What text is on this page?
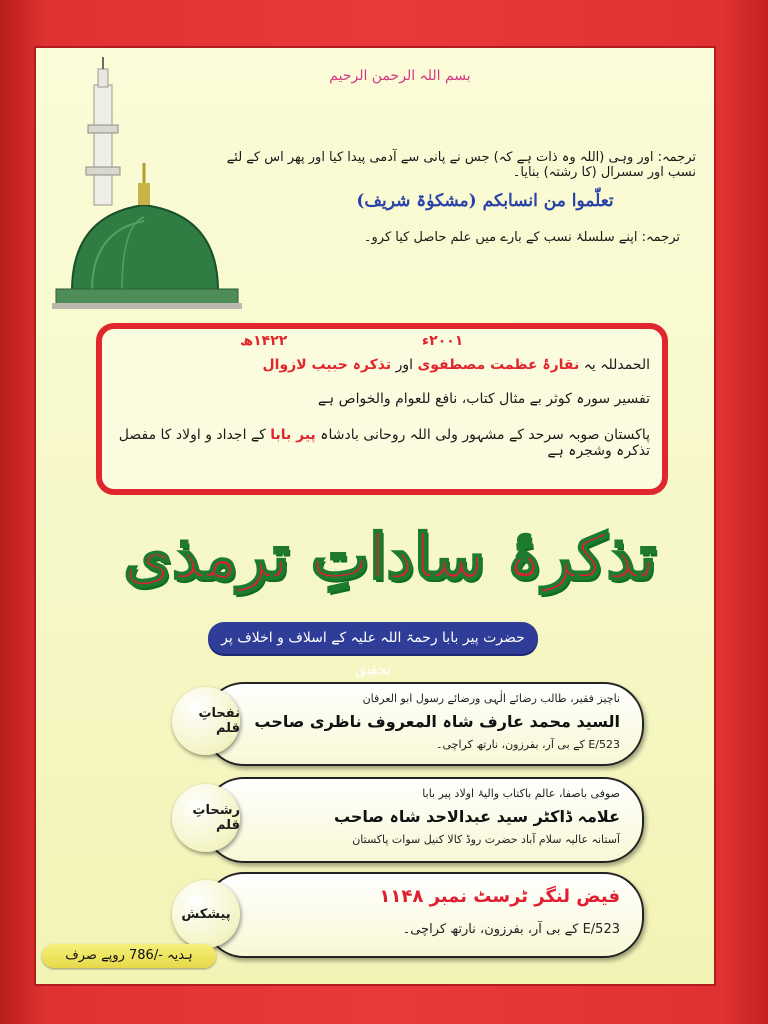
بسم اللہ الرحمن الرحیم
ترجمہ: اور وہی (اللہ وہ ذات ہے کہ) جس نے پانی سے آدمی پیدا کیا اور پھر اس کے لئے نسب اور سسرال (کا رشتہ) بنایا۔
تعلّموا من انسابکم (مشکوٰۃ شریف)
ترجمہ: اپنے سلسلۂ نسب کے بارے میں علم حاصل کیا کرو۔
۲۰۰۱ء
۱۴۲۲ھ
الحمدللہ یہ نقارۂ عظمت مصطفوی اور تذکرہ حبیب لازوال
تفسیر سورہ کوثر بے مثال کتاب، نافع للعوام والخواص ہے
پاکستان صوبہ سرحد کے مشہور ولی اللہ روحانی بادشاہ پیر بابا کے اجداد و اولاد کا مفصل تذکرہ وشجرہ ہے
تذکرۂ ساداتِ ترمذی
حضرت پیر بابا رحمۃ اللہ علیہ کے اسلاف و اخلاف پر تحقیق
ناچیز فقیر، طالب رضائے الٰہی ورضائے رسول ابو العرفان
السید محمد عارف شاہ المعروف ناظری صاحب
523/E کے بی آر، بفرزون، نارتھ کراچی۔
نفحاتِ قلم
صوفی باصفا، عالم باکتاب والیۂ اولاد پیر بابا
علامہ ڈاکٹر سید عبدالاحد شاہ صاحب
آستانہ عالیہ سلام آباد حضرت روڈ کالا کنیل سوات پاکستان
رشحاتِ قلم
فیض لنگر ٹرسٹ نمبر ۱۱۴۸
523/E کے بی آر، بفرزون، نارتھ کراچی۔
پیشکش
ہدیہ -/786 روپے صرف
